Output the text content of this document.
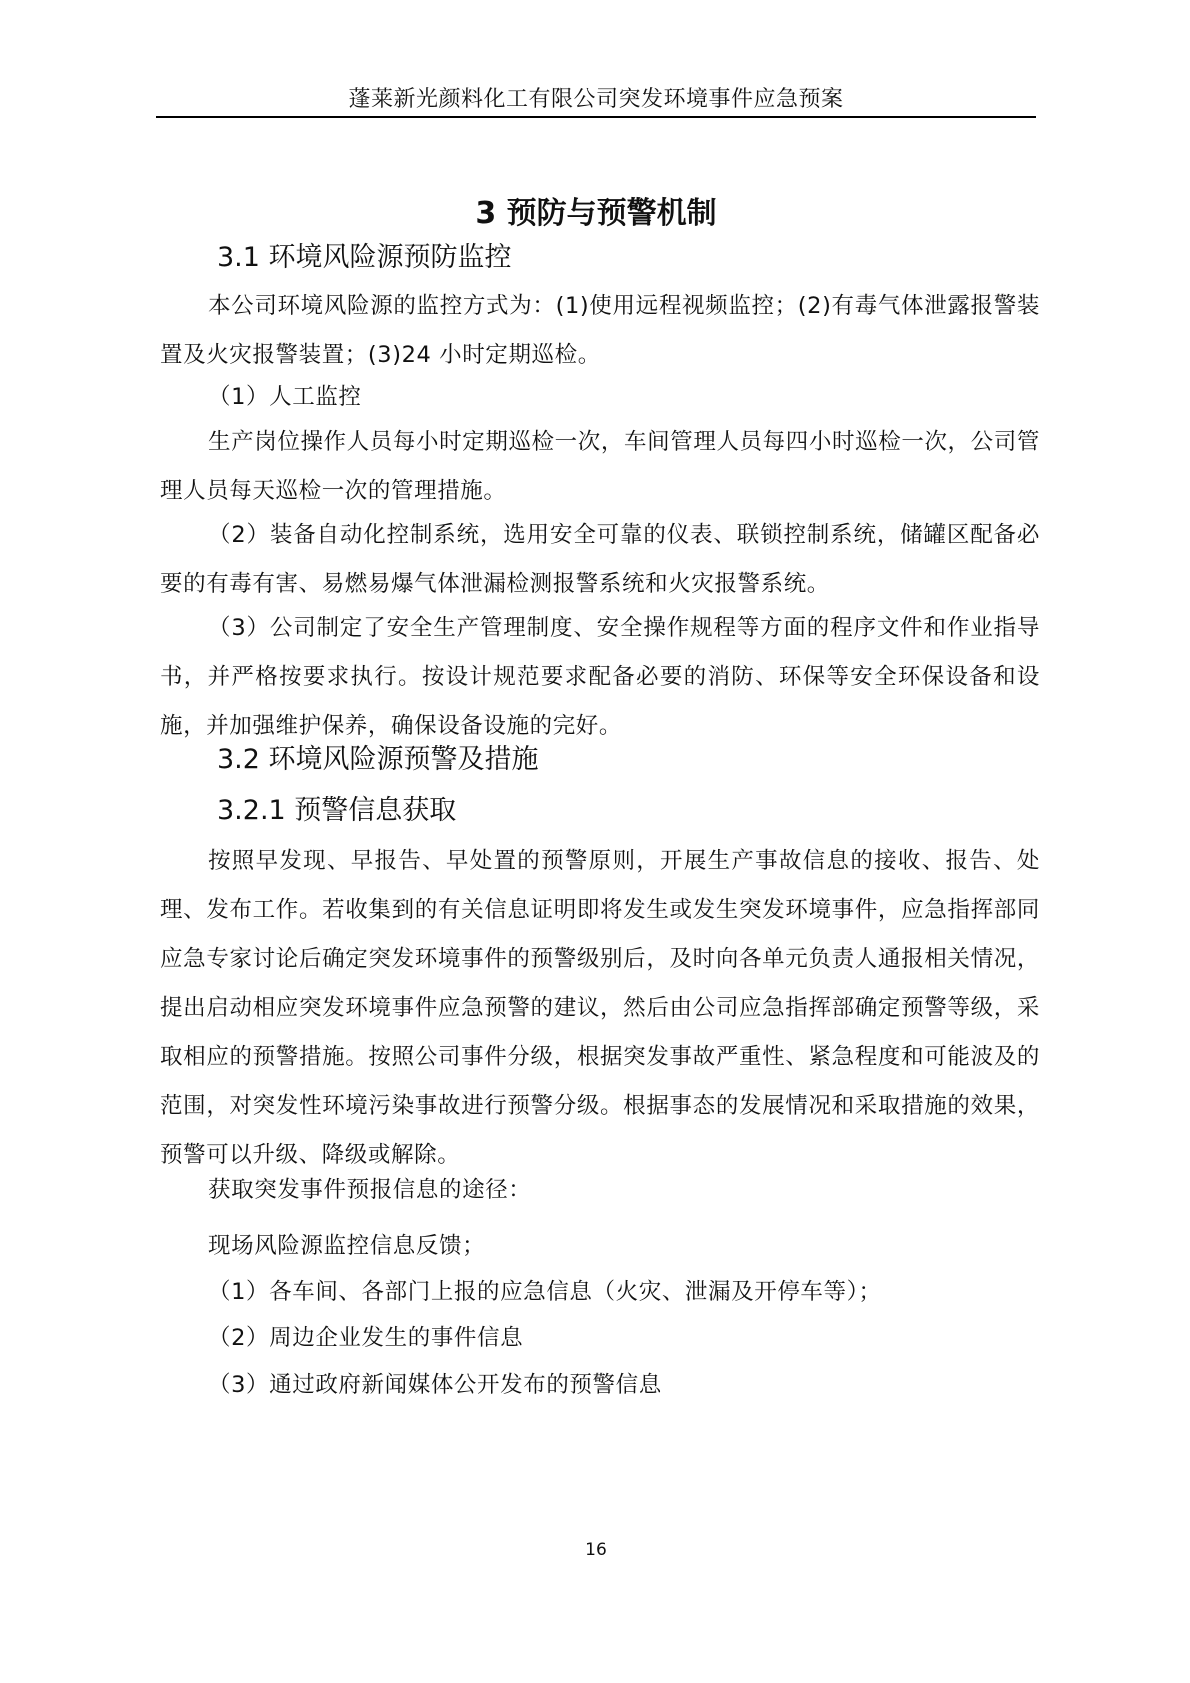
蓬莱新光颜料化工有限公司突发环境事件应急预案
3 预防与预警机制
3.1 环境风险源预防监控
本公司环境风险源的监控方式为：(1)使用远程视频监控；(2)有毒气体泄露报警装置及火灾报警装置；(3)24 小时定期巡检。
（1）人工监控
生产岗位操作人员每小时定期巡检一次，车间管理人员每四小时巡检一次，公司管理人员每天巡检一次的管理措施。
（2）装备自动化控制系统，选用安全可靠的仪表、联锁控制系统，储罐区配备必要的有毒有害、易燃易爆气体泄漏检测报警系统和火灾报警系统。
（3）公司制定了安全生产管理制度、安全操作规程等方面的程序文件和作业指导书，并严格按要求执行。按设计规范要求配备必要的消防、环保等安全环保设备和设施，并加强维护保养，确保设备设施的完好。
3.2 环境风险源预警及措施
3.2.1 预警信息获取
按照早发现、早报告、早处置的预警原则，开展生产事故信息的接收、报告、处理、发布工作。若收集到的有关信息证明即将发生或发生突发环境事件，应急指挥部同应急专家讨论后确定突发环境事件的预警级别后，及时向各单元负责人通报相关情况，提出启动相应突发环境事件应急预警的建议，然后由公司应急指挥部确定预警等级，采取相应的预警措施。按照公司事件分级，根据突发事故严重性、紧急程度和可能波及的范围，对突发性环境污染事故进行预警分级。根据事态的发展情况和采取措施的效果，预警可以升级、降级或解除。
获取突发事件预报信息的途径：
现场风险源监控信息反馈；
（1）各车间、各部门上报的应急信息（火灾、泄漏及开停车等）；
（2）周边企业发生的事件信息
（3）通过政府新闻媒体公开发布的预警信息
16
